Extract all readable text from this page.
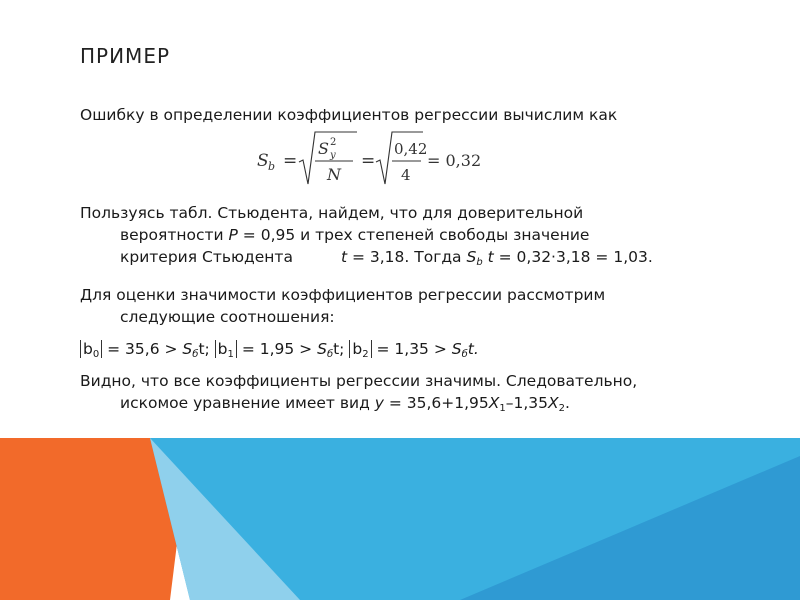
ПРИМЕР
Ошибку в определении коэффициентов регрессии вычислим как
S b =
S 2
y
N
=
0,42
4
= 0,32
Пользуясь табл. Стьюдента, найдем, что для доверительной
вероятности P = 0,95 и трех степеней свободы значение
критерия Стьюдента	t = 3,18. Тогда $S_b$ t = 0,32·3,18 = 1,03.
Для оценки значимости коэффициентов регрессии рассмотрим
следующие соотношения:
$b_0 = 35,6 > S_бt$; $b_1 = 1,95 > S_бt$; $b_2 = 1,35 > S_бt$.
Видно, что все коэффициенты регрессии значимы. Следовательно,
искомое уравнение имеет вид $y = 35,6+1,95X_1-1,35X_2$.
